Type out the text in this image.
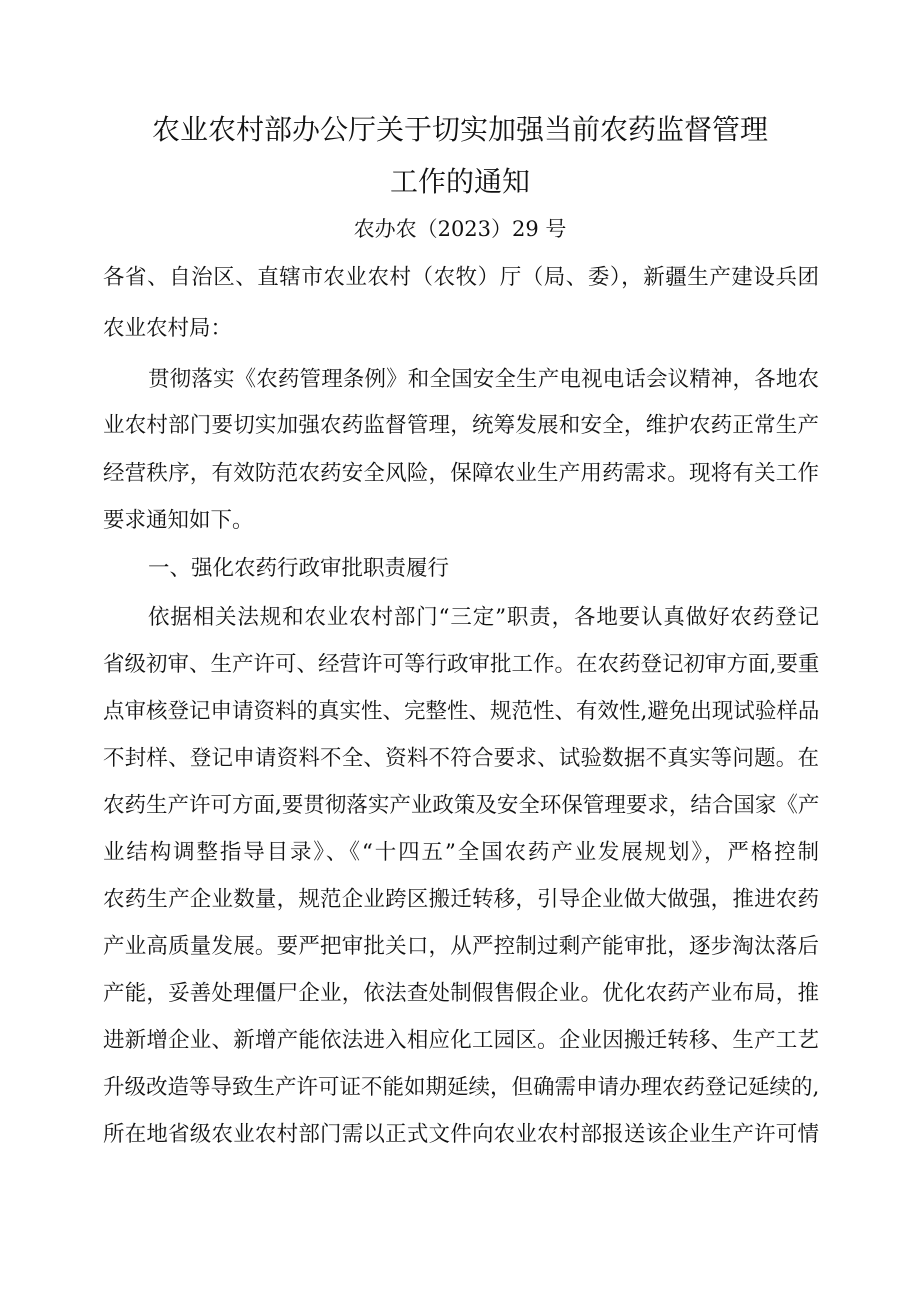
农业农村部办公厅关于切实加强当前农药监督管理
工作的通知
农办农（2023）29 号
各省、自治区、直辖市农业农村（农牧）厅（局、委），新疆生产建设兵团
农业农村局：
贯彻落实《农药管理条例》和全国安全生产电视电话会议精神，各地农
业农村部门要切实加强农药监督管理，统筹发展和安全，维护农药正常生产
经营秩序，有效防范农药安全风险，保障农业生产用药需求。现将有关工作
要求通知如下。
一、强化农药行政审批职责履行
依据相关法规和农业农村部门“三定”职责，各地要认真做好农药登记
省级初审、生产许可、经营许可等行政审批工作。在农药登记初审方面,要重
点审核登记申请资料的真实性、完整性、规范性、有效性,避免出现试验样品
不封样、登记申请资料不全、资料不符合要求、试验数据不真实等问题。在
农药生产许可方面,要贯彻落实产业政策及安全环保管理要求，结合国家《产
业结构调整指导目录》、《“十四五”全国农药产业发展规划》，严格控制
农药生产企业数量，规范企业跨区搬迁转移，引导企业做大做强，推进农药
产业高质量发展。要严把审批关口，从严控制过剩产能审批，逐步淘汰落后
产能，妥善处理僵尸企业，依法查处制假售假企业。优化农药产业布局，推
进新增企业、新增产能依法进入相应化工园区。企业因搬迁转移、生产工艺
升级改造等导致生产许可证不能如期延续，但确需申请办理农药登记延续的,
所在地省级农业农村部门需以正式文件向农业农村部报送该企业生产许可情
